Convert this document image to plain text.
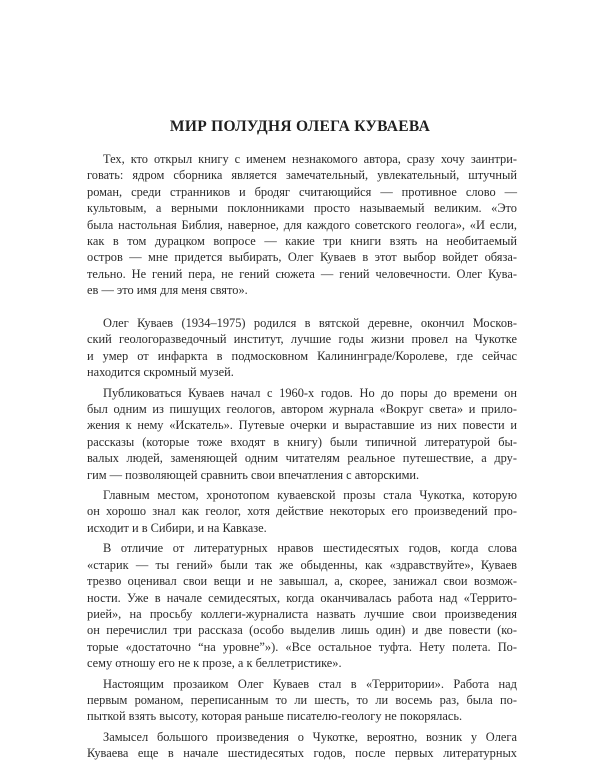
МИР ПОЛУДНЯ ОЛЕГА КУВАЕВА
Тех, кто открыл книгу с именем незнакомого автора, сразу хочу заинтри-
говать: ядром сборника является замечательный, увлекательный, штучный
роман, среди странников и бродяг считающийся — противное слово —
культовым, а верными поклонниками просто называемый великим. «Это
была настольная Библия, наверное, для каждого советского геолога», «И если,
как в том дурацком вопросе — какие три книги взять на необитаемый
остров — мне придется выбирать, Олег Куваев в этот выбор войдет обяза-
тельно. Не гений пера, не гений сюжета — гений человечности. Олег Кува-
ев — это имя для меня свято».
Олег Куваев (1934–1975) родился в вятской деревне, окончил Москов-
ский геологоразведочный институт, лучшие годы жизни провел на Чукотке
и умер от инфаркта в подмосковном Калининграде/Королеве, где сейчас
находится скромный музей.
Публиковаться Куваев начал с 1960-х годов. Но до поры до времени он
был одним из пишущих геологов, автором журнала «Вокруг света» и прило-
жения к нему «Искатель». Путевые очерки и выраставшие из них повести и
рассказы (которые тоже входят в книгу) были типичной литературой бы-
валых людей, заменяющей одним читателям реальное путешествие, а дру-
гим — позволяющей сравнить свои впечатления с авторскими.
Главным местом, хронотопом куваевской прозы стала Чукотка, которую
он хорошо знал как геолог, хотя действие некоторых его произведений про-
исходит и в Сибири, и на Кавказе.
В отличие от литературных нравов шестидесятых годов, когда слова
«старик — ты гений» были так же обыденны, как «здравствуйте», Куваев
трезво оценивал свои вещи и не завышал, а, скорее, занижал свои возмож-
ности. Уже в начале семидесятых, когда оканчивалась работа над «Террито-
рией», на просьбу коллеги-журналиста назвать лучшие свои произведения
он перечислил три рассказа (особо выделив лишь один) и две повести (ко-
торые «достаточно “на уровне”»). «Все остальное туфта. Нету полета. По-
сему отношу его не к прозе, а к беллетристике».
Настоящим прозаиком Олег Куваев стал в «Территории». Работа над
первым романом, переписанным то ли шесть, то ли восемь раз, была по-
пыткой взять высоту, которая раньше писателю-геологу не покорялась.
Замысел большого произведения о Чукотке, вероятно, возник у Олега
Куваева еще в начале шестидесятых годов, после первых литературных
